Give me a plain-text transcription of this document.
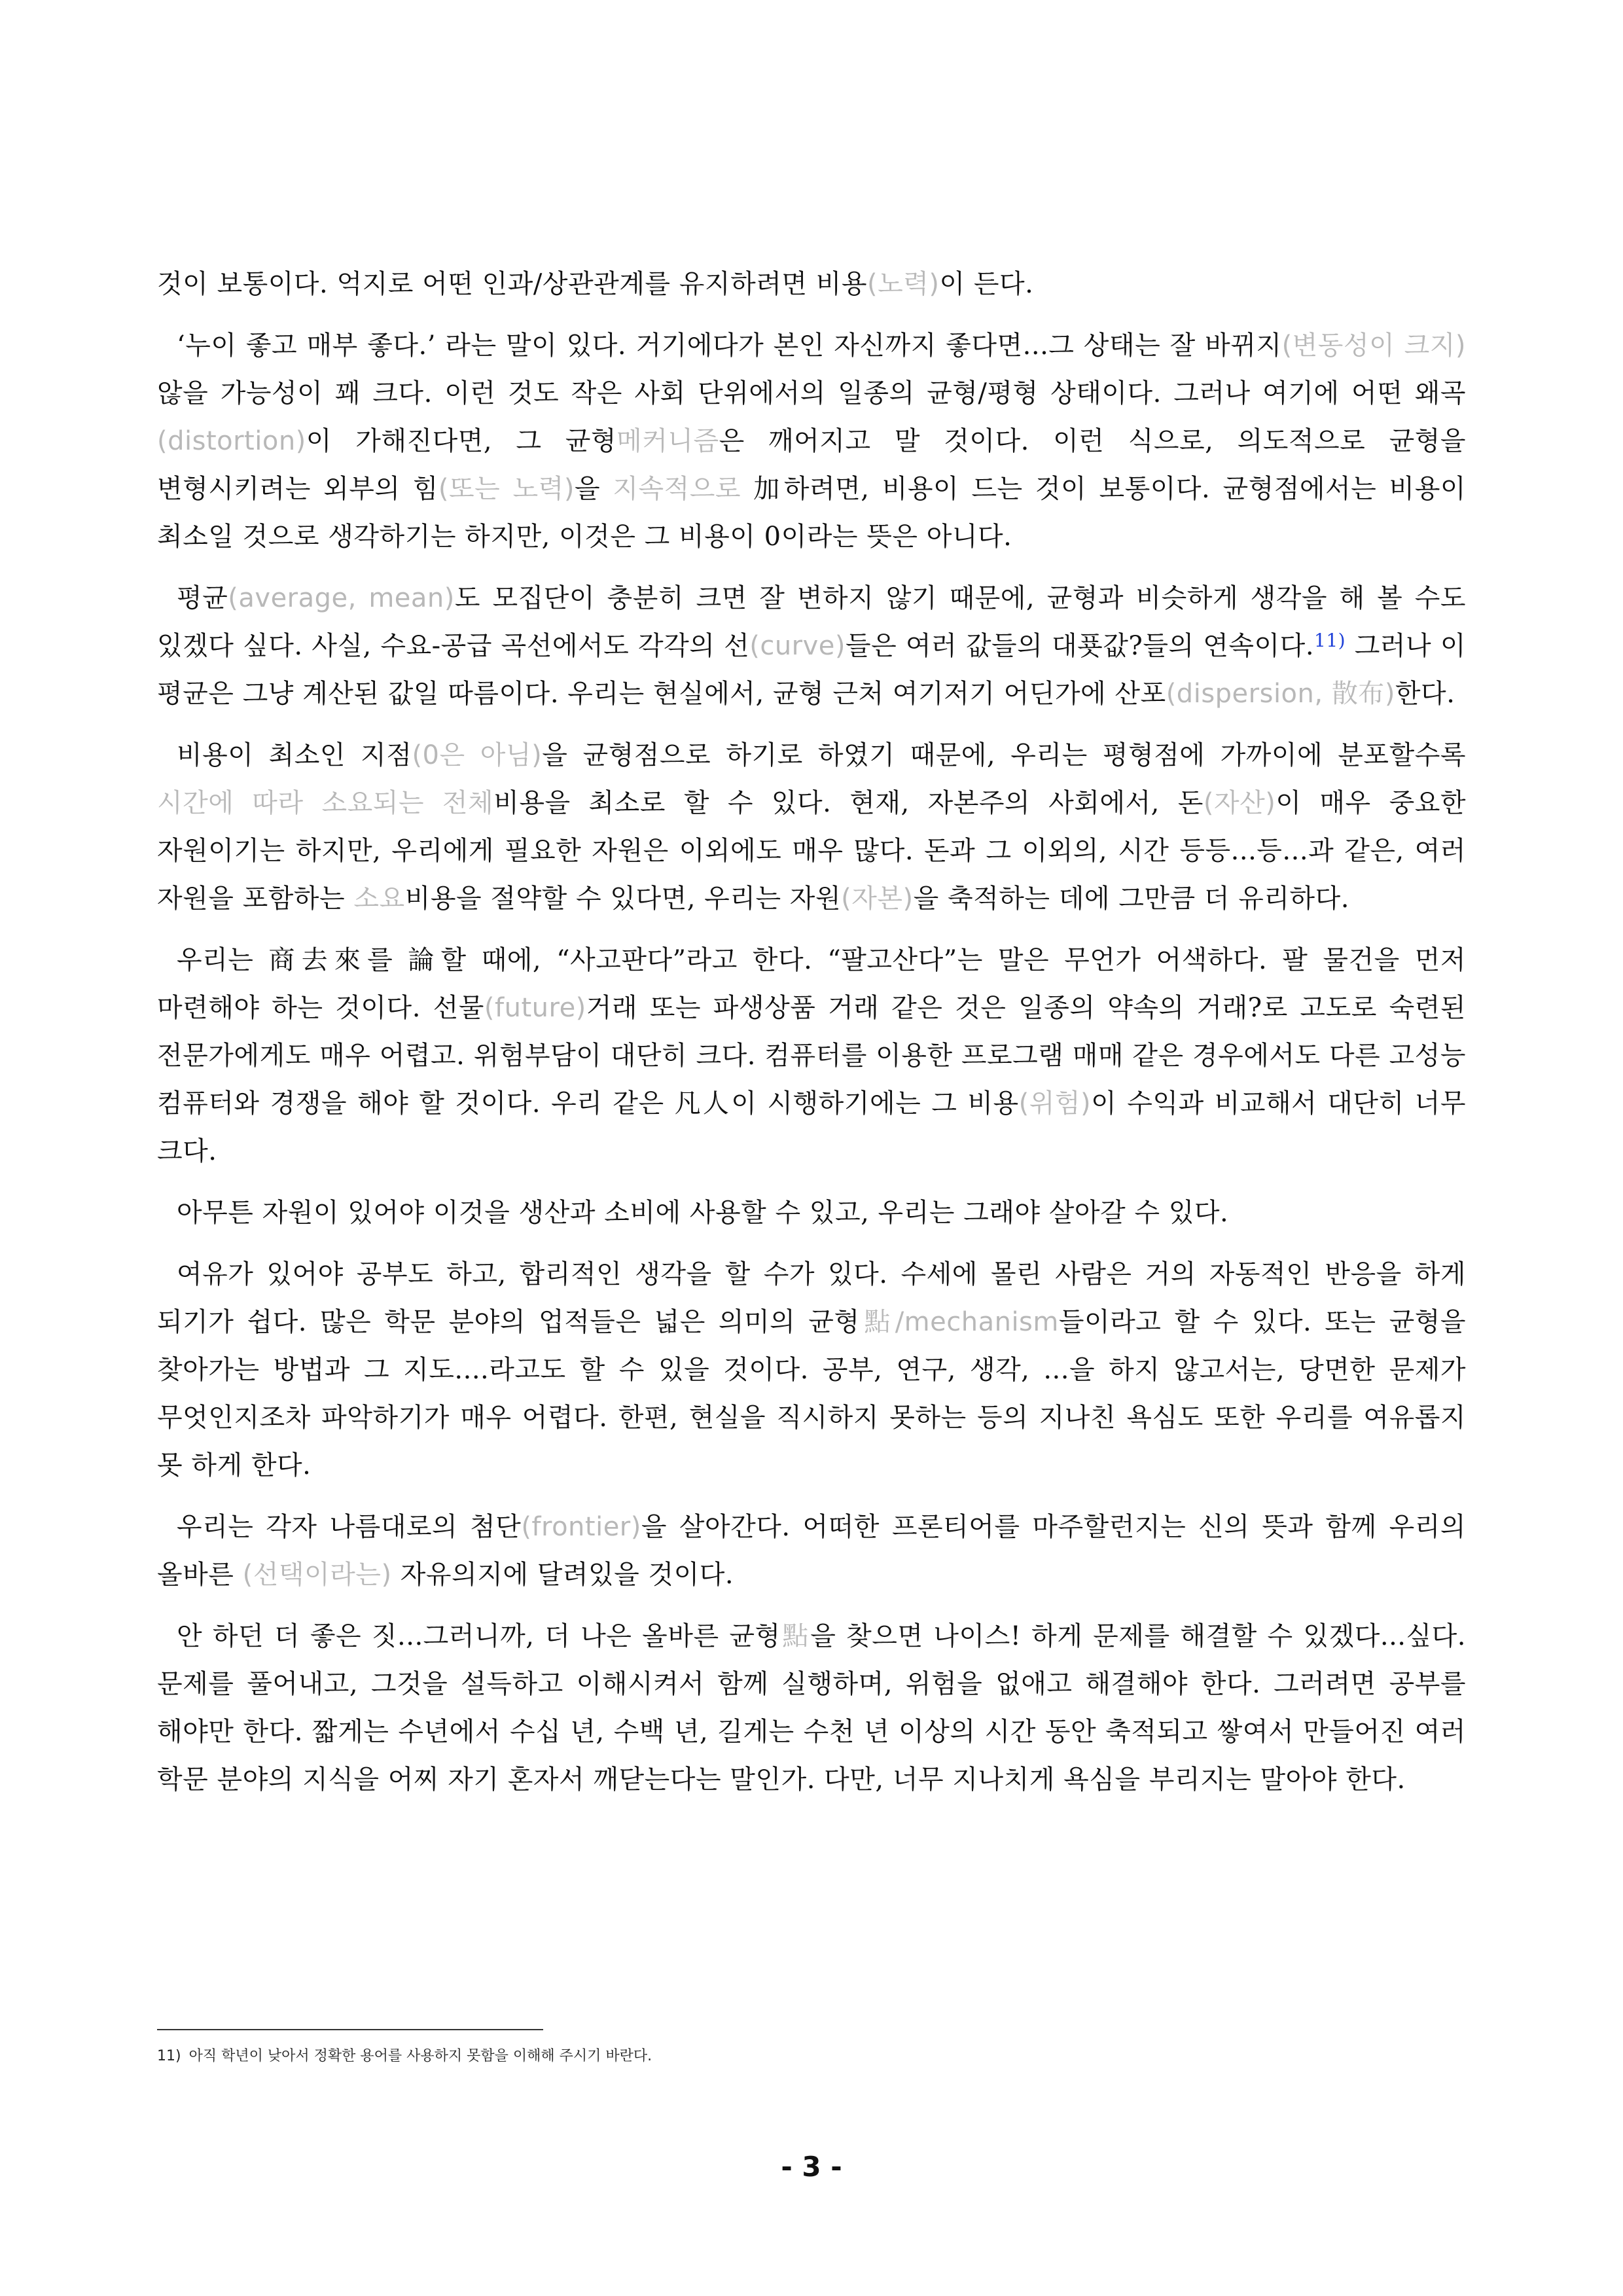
것이 보통이다. 억지로 어떤 인과/상관관계를 유지하려면 비용(노력)이 든다.

‘누이 좋고 매부 좋다.’ 라는 말이 있다. 거기에다가 본인 자신까지 좋다면...그 상태는 잘 바뀌지(변동성이 크지) 않을 가능성이 꽤 크다. 이런 것도 작은 사회 단위에서의 일종의 균형/평형 상태이다. 그러나 여기에 어떤 왜곡(distortion)이 가해진다면, 그 균형메커니즘은 깨어지고 말 것이다. 이런 식으로, 의도적으로 균형을 변형시키려는 외부의 힘(또는 노력)을 지속적으로 加하려면, 비용이 드는 것이 보통이다. 균형점에서는 비용이 최소일 것으로 생각하기는 하지만, 이것은 그 비용이 0이라는 뜻은 아니다.

평균(average, mean)도 모집단이 충분히 크면 잘 변하지 않기 때문에, 균형과 비슷하게 생각을 해 볼 수도 있겠다 싶다. 사실, 수요-공급 곡선에서도 각각의 선(curve)들은 여러 값들의 대푯값?들의 연속이다.$^{11)}$ 그러나 이 평균은 그냥 계산된 값일 따름이다. 우리는 현실에서, 균형 근처 여기저기 어딘가에 산포(dispersion, 散布)한다.

비용이 최소인 지점(0은 아님)을 균형점으로 하기로 하였기 때문에, 우리는 평형점에 가까이에 분포할수록 시간에 따라 소요되는 전체비용을 최소로 할 수 있다. 현재, 자본주의 사회에서, 돈(자산)이 매우 중요한 자원이기는 하지만, 우리에게 필요한 자원은 이외에도 매우 많다. 돈과 그 이외의, 시간 등등...등...과 같은, 여러 자원을 포함하는 소요비용을 절약할 수 있다면, 우리는 자원(자본)을 축적하는 데에 그만큼 더 유리하다.

우리는 商去來를 論할 때에, “사고판다”라고 한다. “팔고산다”는 말은 무언가 어색하다. 팔 물건을 먼저 마련해야 하는 것이다. 선물(future)거래 또는 파생상품 거래 같은 것은 일종의 약속의 거래?로 고도로 숙련된 전문가에게도 매우 어렵고. 위험부담이 대단히 크다. 컴퓨터를 이용한 프로그램 매매 같은 경우에서도 다른 고성능 컴퓨터와 경쟁을 해야 할 것이다. 우리 같은 凡人이 시행하기에는 그 비용(위험)이 수익과 비교해서 대단히 너무 크다.

아무튼 자원이 있어야 이것을 생산과 소비에 사용할 수 있고, 우리는 그래야 살아갈 수 있다.

여유가 있어야 공부도 하고, 합리적인 생각을 할 수가 있다. 수세에 몰린 사람은 거의 자동적인 반응을 하게 되기가 쉽다. 많은 학문 분야의 업적들은 넓은 의미의 균형點/mechanism들이라고 할 수 있다. 또는 균형을 찾아가는 방법과 그 지도....라고도 할 수 있을 것이다. 공부, 연구, 생각, ...을 하지 않고서는, 당면한 문제가 무엇인지조차 파악하기가 매우 어렵다. 한편, 현실을 직시하지 못하는 등의 지나친 욕심도 또한 우리를 여유롭지 못 하게 한다.

우리는 각자 나름대로의 첨단(frontier)을 살아간다. 어떠한 프론티어를 마주할런지는 신의 뜻과 함께 우리의 올바른 (선택이라는) 자유의지에 달려있을 것이다.

안 하던 더 좋은 짓...그러니까, 더 나은 올바른 균형點을 찾으면 나이스! 하게 문제를 해결할 수 있겠다...싶다. 문제를 풀어내고, 그것을 설득하고 이해시켜서 함께 실행하며, 위험을 없애고 해결해야 한다. 그러려면 공부를 해야만 한다. 짧게는 수년에서 수십 년, 수백 년, 길게는 수천 년 이상의 시간 동안 축적되고 쌓여서 만들어진 여러 학문 분야의 지식을 어찌 자기 혼자서 깨닫는다는 말인가. 다만, 너무 지나치게 욕심을 부리지는 말아야 한다.

11) 아직 학년이 낮아서 정확한 용어를 사용하지 못함을 이해해 주시기 바란다.
- 3 -
